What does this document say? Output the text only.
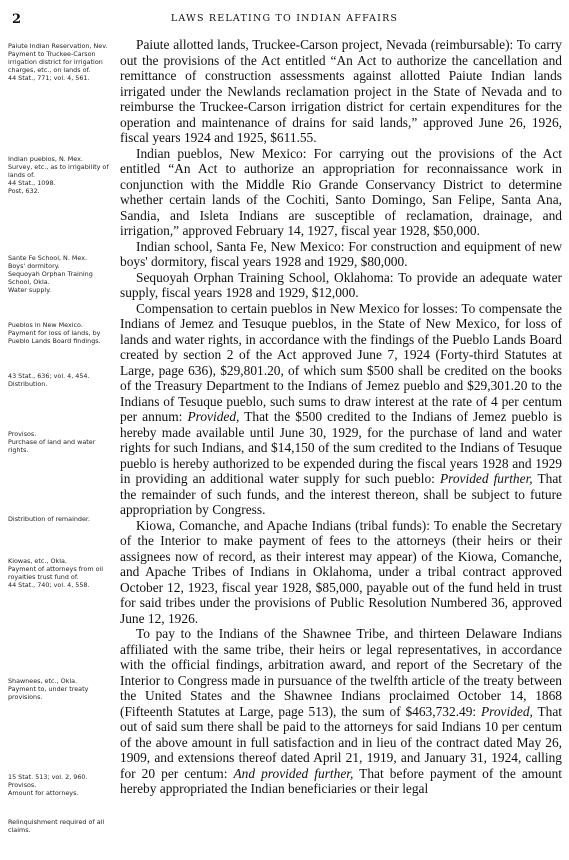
2	LAWS RELATING TO INDIAN AFFAIRS
Paiute Indian Reservation, Nev.
Payment to Truckee-Carson irrigation district for irrigation charges, etc., on lands of.
44 Stat., 771; vol. 4, 561.
Indian pueblos, N. Mex.
Survey, etc., as to irrigability of lands of.
44 Stat., 1098.
Post, 632.
Sante Fe School, N. Mex.
Boys' dormitory.
Sequoyah Orphan Training School, Okla.
Water supply.
Pueblos in New Mexico.
Payment for loss of lands, by Pueblo Lands Board findings.
43 Stat., 636; vol. 4, 454.
Distribution.
Provisos.
Purchase of land and water rights.
Distribution of remainder.
Kiowas, etc., Okla.
Payment of attorneys from oil royalties trust fund of.
44 Stat., 740; vol. 4, 558.
Shawnees, etc., Okla.
Payment to, under treaty provisions.
15 Stat. 513; vol. 2, 960.
Provisos.
Amount for attorneys.
Relinquishment required of all claims.

Paiute allotted lands, Truckee-Carson project, Nevada (reimbursable): To carry out the provisions of the Act entitled “An Act to authorize the cancellation and remittance of construction assessments against allotted Paiute Indian lands irrigated under the Newlands reclamation project in the State of Nevada and to reimburse the Truckee-Carson irrigation district for certain expenditures for the operation and maintenance of drains for said lands,” approved June 26, 1926, fiscal years 1924 and 1925, $611.55.

Indian pueblos, New Mexico: For carrying out the provisions of the Act entitled “An Act to authorize an appropriation for reconnaissance work in conjunction with the Middle Rio Grande Conservancy District to determine whether certain lands of the Cochiti, Santo Domingo, San Felipe, Santa Ana, Sandia, and Isleta Indians are susceptible of reclamation, drainage, and irrigation,” approved February 14, 1927, fiscal year 1928, $50,000.

Indian school, Santa Fe, New Mexico: For construction and equipment of new boys' dormitory, fiscal years 1928 and 1929, $80,000.

Sequoyah Orphan Training School, Oklahoma: To provide an adequate water supply, fiscal years 1928 and 1929, $12,000.

Compensation to certain pueblos in New Mexico for losses: To compensate the Indians of Jemez and Tesuque pueblos, in the State of New Mexico, for loss of lands and water rights, in accordance with the findings of the Pueblo Lands Board created by section 2 of the Act approved June 7, 1924 (Forty-third Statutes at Large, page 636), $29,801.20, of which sum $500 shall be credited on the books of the Treasury Department to the Indians of Jemez pueblo and $29,301.20 to the Indians of Tesuque pueblo, such sums to draw interest at the rate of 4 per centum per annum: Provided, That the $500 credited to the Indians of Jemez pueblo is hereby made available until June 30, 1929, for the purchase of land and water rights for such Indians, and $14,150 of the sum credited to the Indians of Tesuque pueblo is hereby authorized to be expended during the fiscal years 1928 and 1929 in providing an additional water supply for such pueblo: Provided further, That the remainder of such funds, and the interest thereon, shall be subject to future appropriation by Congress.

Kiowa, Comanche, and Apache Indians (tribal funds): To enable the Secretary of the Interior to make payment of fees to the attorneys (their heirs or their assignees now of record, as their interest may appear) of the Kiowa, Comanche, and Apache Tribes of Indians in Oklahoma, under a tribal contract approved October 12, 1923, fiscal year 1928, $85,000, payable out of the fund held in trust for said tribes under the provisions of Public Resolution Numbered 36, approved June 12, 1926.

To pay to the Indians of the Shawnee Tribe, and thirteen Delaware Indians affiliated with the same tribe, their heirs or legal representatives, in accordance with the official findings, arbitration award, and report of the Secretary of the Interior to Congress made in pursuance of the twelfth article of the treaty between the United States and the Shawnee Indians proclaimed October 14, 1868 (Fifteenth Statutes at Large, page 513), the sum of $463,732.49: Provided, That out of said sum there shall be paid to the attorneys for said Indians 10 per centum of the above amount in full satisfaction and in lieu of the contract dated May 26, 1909, and extensions thereof dated April 21, 1919, and January 31, 1924, calling for 20 per centum: And provided further, That before payment of the amount hereby appropriated the Indian beneficiaries or their legal
